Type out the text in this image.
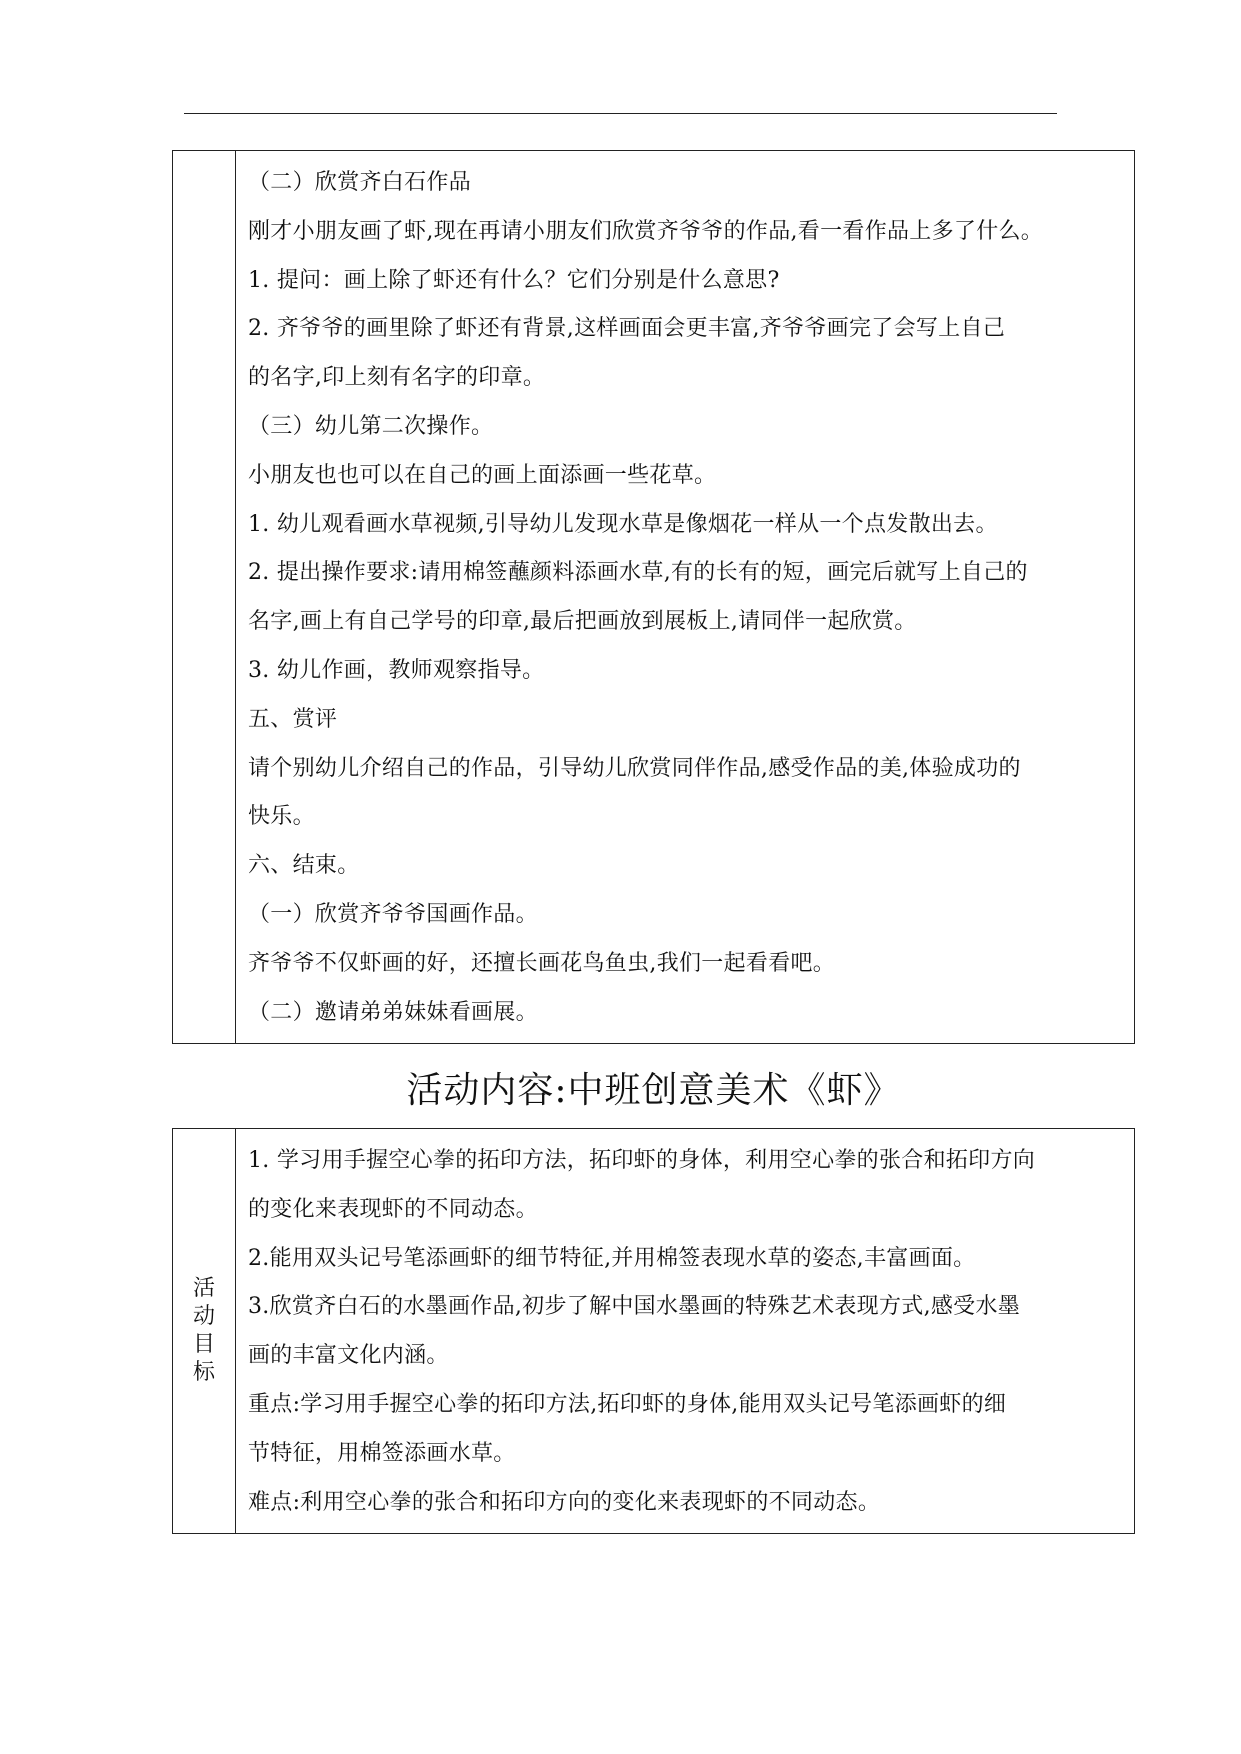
（二）欣赏齐白石作品
刚才小朋友画了虾,现在再请小朋友们欣赏齐爷爷的作品,看一看作品上多了什么。
1. 提问：画上除了虾还有什么？它们分别是什么意思?
2. 齐爷爷的画里除了虾还有背景,这样画面会更丰富,齐爷爷画完了会写上自己
的名字,印上刻有名字的印章。
（三）幼儿第二次操作。
小朋友也也可以在自己的画上面添画一些花草。
1. 幼儿观看画水草视频,引导幼儿发现水草是像烟花一样从一个点发散出去。
2. 提出操作要求:请用棉签蘸颜料添画水草,有的长有的短，画完后就写上自己的
名字,画上有自己学号的印章,最后把画放到展板上,请同伴一起欣赏。
3. 幼儿作画，教师观察指导。
五、赏评
请个别幼儿介绍自己的作品，引导幼儿欣赏同伴作品,感受作品的美,体验成功的
快乐。
六、结束。
（一）欣赏齐爷爷国画作品。
齐爷爷不仅虾画的好，还擅长画花鸟鱼虫,我们一起看看吧。
（二）邀请弟弟妹妹看画展。
活动内容:中班创意美术《虾》
活
动
目
标

1. 学习用手握空心拳的拓印方法，拓印虾的身体，利用空心拳的张合和拓印方向
的变化来表现虾的不同动态。
2.能用双头记号笔添画虾的细节特征,并用棉签表现水草的姿态,丰富画面。
3.欣赏齐白石的水墨画作品,初步了解中国水墨画的特殊艺术表现方式,感受水墨
画的丰富文化内涵。
重点:学习用手握空心拳的拓印方法,拓印虾的身体,能用双头记号笔添画虾的细
节特征，用棉签添画水草。
难点:利用空心拳的张合和拓印方向的变化来表现虾的不同动态。
